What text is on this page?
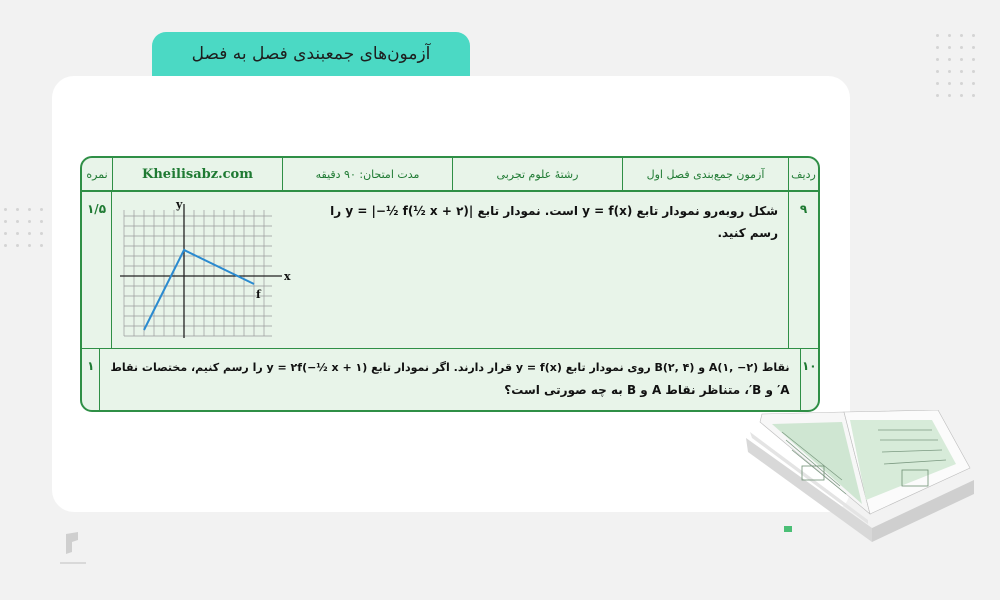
آزمون‌های جمعبندی فصل به فصل
ردیف
آزمون جمع‌بندی فصل اول
رشتهٔ علوم تجربی
مدت امتحان: ۹۰ دقیقه
Kheilisabz.com
نمره
۹
شکل روبه‌رو نمودار تابع y = f(x) است. نمودار تابع |(۲ + x ½)y = |−½ f را
رسم کنید.
x
y
f
۱/۵
۱۰
نقاط A(۱, −۲) و B(۲, ۴) روی نمودار تابع y = f(x) قرار دارند. اگر نمودار تابع (۱ + x ½−)y = ۲f را رسم کنیم، مختصات نقاط
A′ و B′، متناظر نقاط A و B به چه صورتی است؟
۱
